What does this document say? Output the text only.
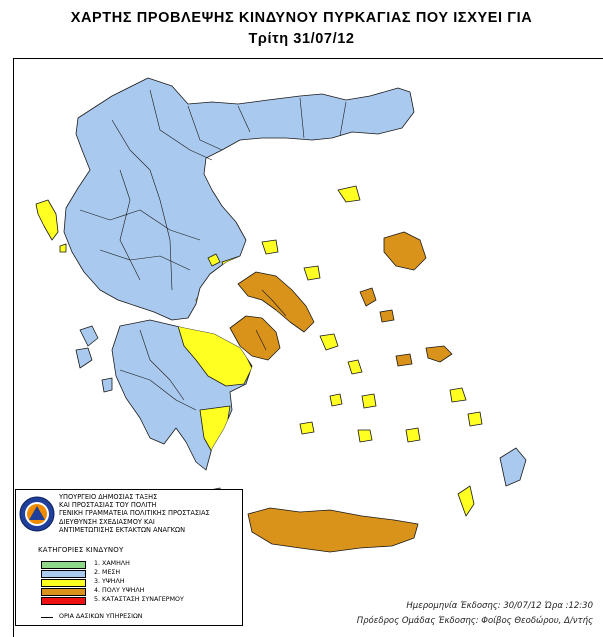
ΧΑΡΤΗΣ ΠΡΟΒΛΕΨΗΣ ΚΙΝΔΥΝΟΥ ΠΥΡΚΑΓΙΑΣ ΠΟΥ ΙΣΧΥΕΙ ΓΙΑ
Τρίτη 31/07/12
ΥΠΟΥΡΓΕΙΟ ΔΗΜΟΣΙΑΣ ΤΑΞΗΣ
ΚΑΙ ΠΡΟΣΤΑΣΙΑΣ ΤΟΥ ΠΟΛΙΤΗ
ΓΕΝΙΚΗ ΓΡΑΜΜΑΤΕΙΑ ΠΟΛΙΤΙΚΗΣ ΠΡΟΣΤΑΣΙΑΣ
ΔΙΕΥΘΥΝΣΗ ΣΧΕΔΙΑΣΜΟΥ ΚΑΙ
ΑΝΤΙΜΕΤΩΠΙΣΗΣ ΕΚΤΑΚΤΩΝ ΑΝΑΓΚΩΝ
ΚΑΤΗΓΟΡΙΕΣ ΚΙΝΔΥΝΟΥ
1. ΧΑΜΗΛΗ
2. ΜΕΣΗ
3. ΥΨΗΛΗ
4. ΠΟΛΥ ΥΨΗΛΗ
5. ΚΑΤΑΣΤΑΣΗ ΣΥΝΑΓΕΡΜΟΥ
ΟΡΙΑ ΔΑΣΙΚΩΝ ΥΠΗΡΕΣΙΩΝ
Ημερομηνία Έκδοσης: 30/07/12 Ώρα :12:30
Πρόεδρος Ομάδας Έκδοσης: Φοίβος Θεοδώρου, Δ/ντής
